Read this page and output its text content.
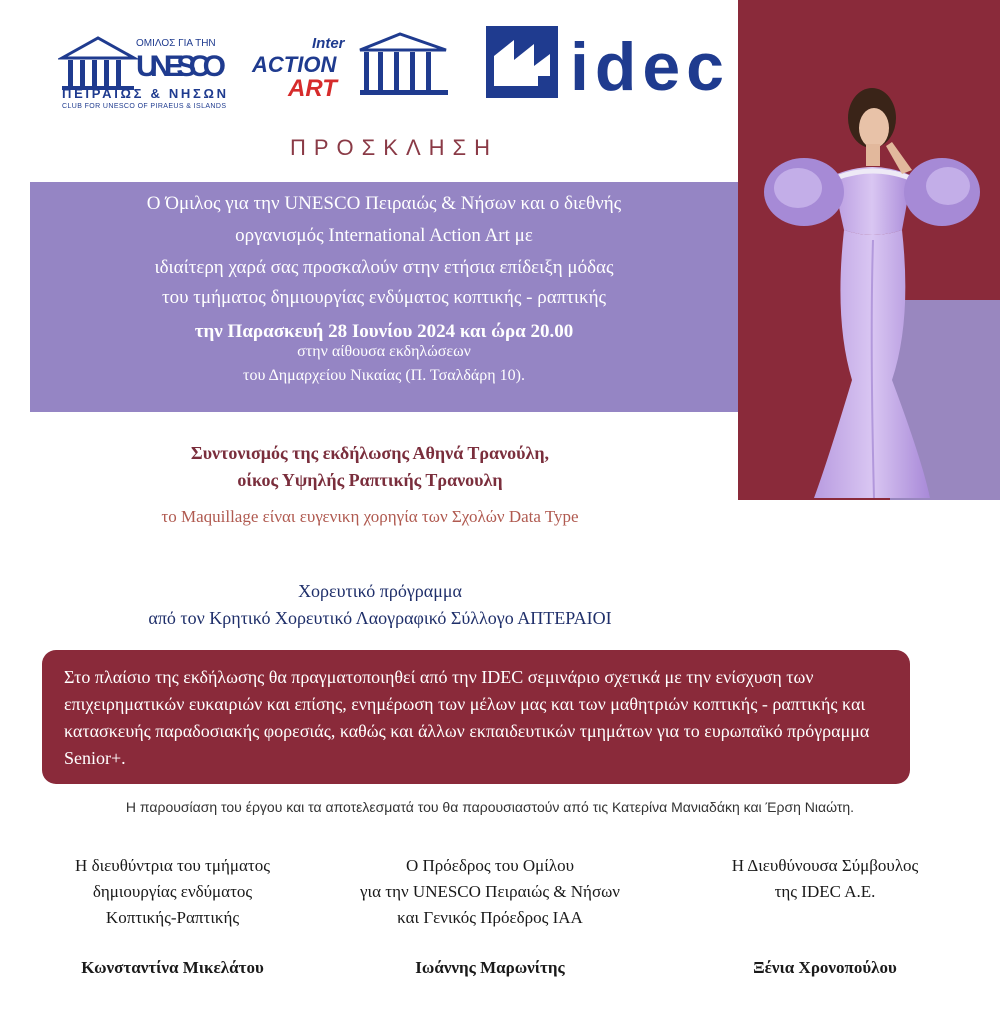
ΟΜΙΛΟΣ ΓΙΑ ΤΗΝ
UNESCO
ΠΕΙΡΑΙΩΣ & ΝΗΣΩΝ
CLUB FOR UNESCO OF PIRAEUS & ISLANDS
Inter
ACTION
ART	idec
ΠΡΟΣΚΛΗΣΗ
Ο Όμιλος για την UNESCO Πειραιώς & Νήσων και ο διεθνής
οργανισμός International Action Art με
ιδιαίτερη χαρά σας προσκαλούν στην ετήσια επίδειξη μόδας
του τμήματος δημιουργίας ενδύματος κοπτικής - ραπτικής
την Παρασκευή 28 Ιουνίου 2024 και ώρα 20.00
στην αίθουσα εκδηλώσεων
του Δημαρχείου Νικαίας (Π. Τσαλδάρη 10).
Συντονισμός της εκδήλωσης Αθηνά Τρανούλη,
οίκος Υψηλής Ραπτικής Τρανουλη
το Maquillage είναι ευγενικη χορηγία των Σχολών Data Type
Χορευτικό πρόγραμμα
από τον Κρητικό Χορευτικό Λαογραφικό Σύλλογο ΑΠΤΕΡΑΙΟΙ

Στο πλαίσιο της εκδήλωσης θα πραγματοποιηθεί από την IDEC σεμινάριο σχετικά με την ενίσχυση των επιχειρηματικών ευκαιριών και επίσης, ενημέρωση των μέλων μας και των μαθητριών κοπτικής - ραπτικής και κατασκευής παραδοσιακής φορεσιάς, καθώς και άλλων εκπαιδευτικών τμημάτων για το ευρωπαϊκό πρόγραμμα Senior+.

Η παρουσίαση του έργου και τα αποτελεσματά του θα παρουσιαστούν από τις Κατερίνα Μανιαδάκη και Έρση Νιαώτη.
Η διευθύντρια του τμήματος
δημιουργίας ενδύματος
Κοπτικής-Ραπτικής
Κωνσταντίνα Μικελάτου
Ο Πρόεδρος του Ομίλου
για την UNESCO Πειραιώς & Νήσων
και Γενικός Πρόεδρος IAA
Ιωάννης Μαρωνίτης
Η Διευθύνουσα Σύμβουλος
της IDEC A.E.
Ξένια Χρονοπούλου
